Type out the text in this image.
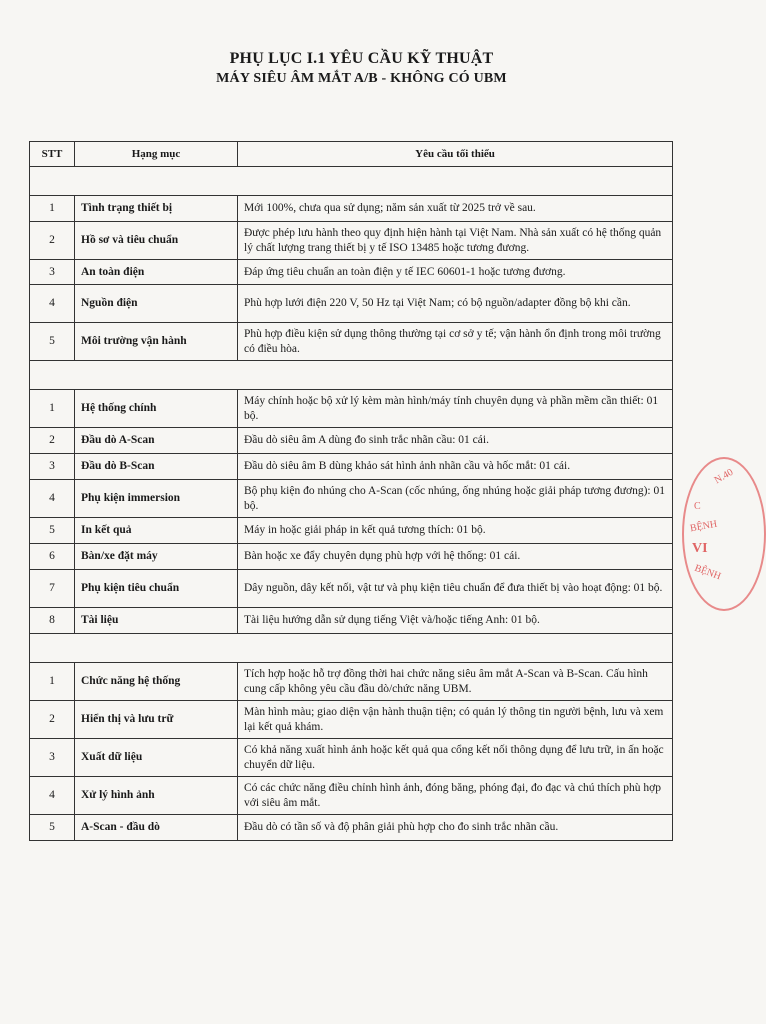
PHỤ LỤC I.1 YÊU CẦU KỸ THUẬT
MÁY SIÊU ÂM MẮT A/B - KHÔNG CÓ UBM
STT	Hạng mục	Yêu cầu tối thiểu

1	Tình trạng thiết bị	Mới 100%, chưa qua sử dụng; năm sản xuất từ 2025 trở về sau.
2	Hồ sơ và tiêu chuẩn	Được phép lưu hành theo quy định hiện hành tại Việt Nam. Nhà sản xuất có hệ thống quản lý chất lượng trang thiết bị y tế ISO 13485 hoặc tương đương.
3	An toàn điện	Đáp ứng tiêu chuẩn an toàn điện y tế IEC 60601-1 hoặc tương đương.
4	Nguồn điện	Phù hợp lưới điện 220 V, 50 Hz tại Việt Nam; có bộ nguồn/adapter đồng bộ khi cần.
5	Môi trường vận hành	Phù hợp điều kiện sử dụng thông thường tại cơ sở y tế; vận hành ổn định trong môi trường có điều hòa.

1	Hệ thống chính	Máy chính hoặc bộ xử lý kèm màn hình/máy tính chuyên dụng và phần mềm cần thiết: 01 bộ.
2	Đầu dò A-Scan	Đầu dò siêu âm A dùng đo sinh trắc nhãn cầu: 01 cái.
3	Đầu dò B-Scan	Đầu dò siêu âm B dùng khảo sát hình ảnh nhãn cầu và hốc mắt: 01 cái.
4	Phụ kiện immersion	Bộ phụ kiện đo nhúng cho A-Scan (cốc nhúng, ống nhúng hoặc giải pháp tương đương): 01 bộ.
5	In kết quả	Máy in hoặc giải pháp in kết quả tương thích: 01 bộ.
6	Bàn/xe đặt máy	Bàn hoặc xe đẩy chuyên dụng phù hợp với hệ thống: 01 cái.
7	Phụ kiện tiêu chuẩn	Dây nguồn, dây kết nối, vật tư và phụ kiện tiêu chuẩn để đưa thiết bị vào hoạt động: 01 bộ.
8	Tài liệu	Tài liệu hướng dẫn sử dụng tiếng Việt và/hoặc tiếng Anh: 01 bộ.

1	Chức năng hệ thống	Tích hợp hoặc hỗ trợ đồng thời hai chức năng siêu âm mắt A-Scan và B-Scan. Cấu hình cung cấp không yêu cầu đầu dò/chức năng UBM.
2	Hiển thị và lưu trữ	Màn hình màu; giao diện vận hành thuận tiện; có quản lý thông tin người bệnh, lưu và xem lại kết quả khám.
3	Xuất dữ liệu	Có khả năng xuất hình ảnh hoặc kết quả qua cổng kết nối thông dụng để lưu trữ, in ấn hoặc chuyển dữ liệu.
4	Xử lý hình ảnh	Có các chức năng điều chỉnh hình ảnh, đóng băng, phóng đại, đo đạc và chú thích phù hợp với siêu âm mắt.
5	A-Scan - đầu dò	Đầu dò có tần số và độ phân giải phù hợp cho đo sinh trắc nhãn cầu.
N.40
C
BỆNH
VI
BỆNH
